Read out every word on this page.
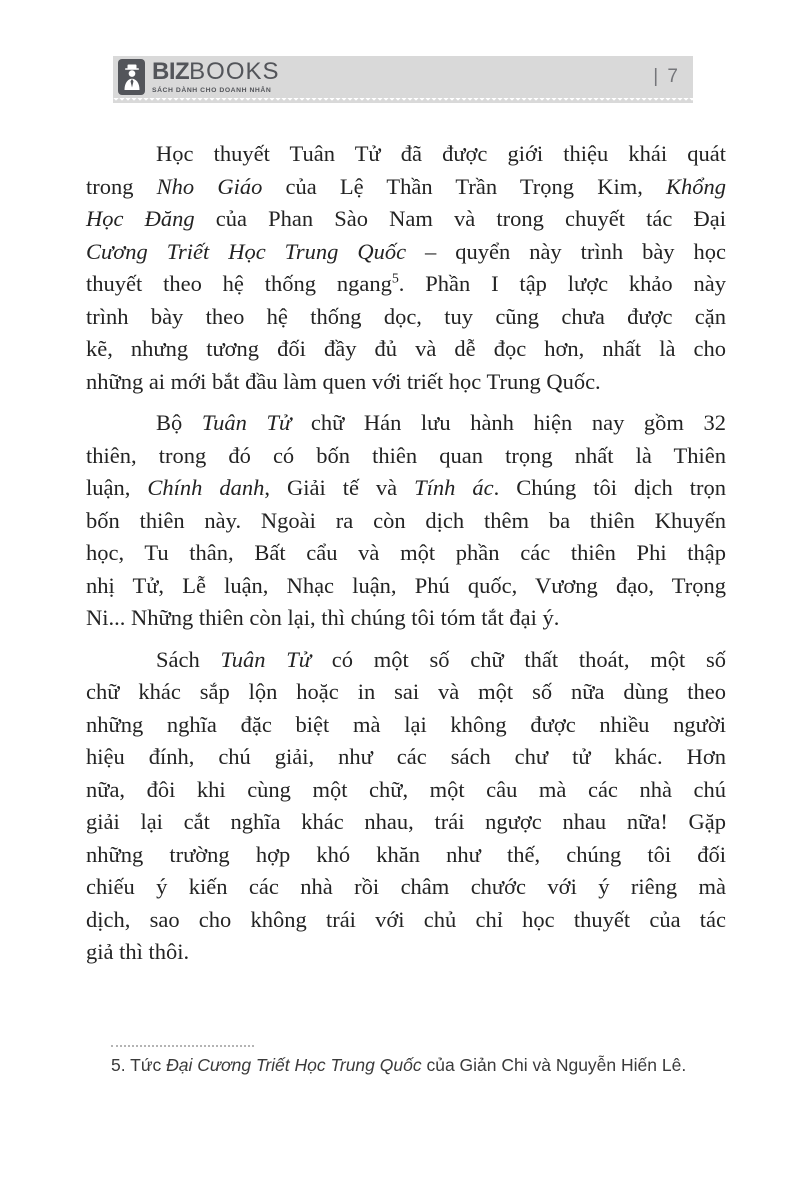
BIZBOOKS
SÁCH DÀNH CHO DOANH NHÂN
| 7
Học thuyết Tuân Tử đã được giới thiệu khái quát
trong Nho Giáo của Lệ Thần Trần Trọng Kim, Khổng
Học Đăng của Phan Sào Nam và trong chuyết tác Đại
Cương Triết Học Trung Quốc – quyển này trình bày học
thuyết theo hệ thống ngang$^5$. Phần I tập lược khảo này
trình bày theo hệ thống dọc, tuy cũng chưa được cặn
kẽ, nhưng tương đối đầy đủ và dễ đọc hơn, nhất là cho
những ai mới bắt đầu làm quen với triết học Trung Quốc.
Bộ Tuân Tử chữ Hán lưu hành hiện nay gồm 32
thiên, trong đó có bốn thiên quan trọng nhất là Thiên
luận, Chính danh, Giải tế và Tính ác. Chúng tôi dịch trọn
bốn thiên này. Ngoài ra còn dịch thêm ba thiên Khuyến
học, Tu thân, Bất cẩu và một phần các thiên Phi thập
nhị Tử, Lễ luận, Nhạc luận, Phú quốc, Vương đạo, Trọng
Ni... Những thiên còn lại, thì chúng tôi tóm tắt đại ý.
Sách Tuân Tử có một số chữ thất thoát, một số
chữ khác sắp lộn hoặc in sai và một số nữa dùng theo
những nghĩa đặc biệt mà lại không được nhiều người
hiệu đính, chú giải, như các sách chư tử khác. Hơn
nữa, đôi khi cùng một chữ, một câu mà các nhà chú
giải lại cắt nghĩa khác nhau, trái ngược nhau nữa! Gặp
những trường hợp khó khăn như thế, chúng tôi đối
chiếu ý kiến các nhà rồi châm chước với ý riêng mà
dịch, sao cho không trái với chủ chỉ học thuyết của tác
giả thì thôi.
5. Tức Đại Cương Triết Học Trung Quốc của Giản Chi và Nguyễn Hiến Lê.
